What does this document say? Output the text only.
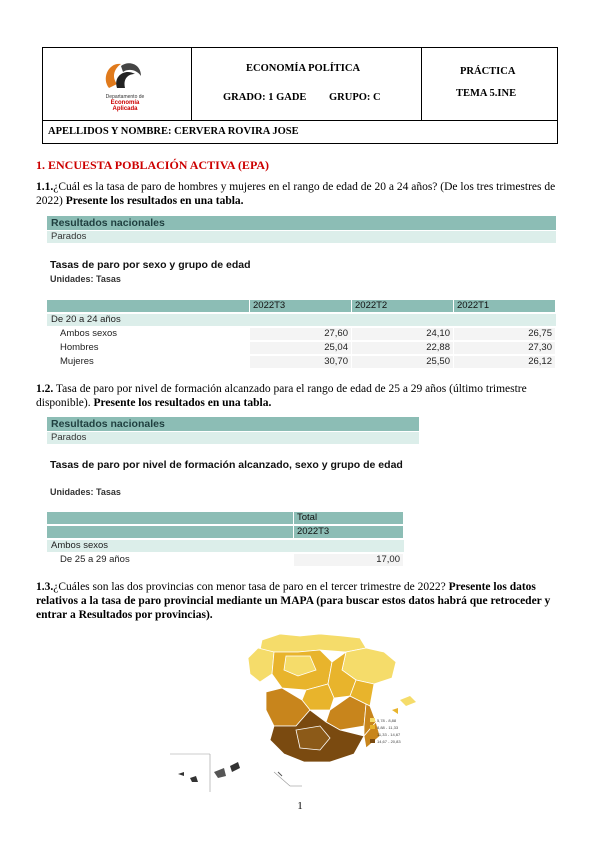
Departamento de
Economía
Aplicada
ECONOMÍA POLÍTICA
GRADO: 1 GADE GRUPO: C
PRÁCTICA
TEMA 5.INE
APELLIDOS Y NOMBRE: CERVERA ROVIRA JOSE
1. ENCUESTA POBLACIÓN ACTIVA (EPA)
1.1.¿Cuál es la tasa de paro de hombres y mujeres en el rango de edad de 20 a 24 años? (De los tres trimestres de 2022) Presente los resultados en una tabla.
Resultados nacionales
Parados
Tasas de paro por sexo y grupo de edad
Unidades: Tasas
2022T3	2022T2	2022T1
De 20 a 24 años
Ambos sexos	27,60	24,10	26,75
Hombres	25,04	22,88	27,30
Mujeres	30,70	25,50	26,12
1.2. Tasa de paro por nivel de formación alcanzado para el rango de edad de 25 a 29 años (último trimestre disponible). Presente los resultados en una tabla.
Resultados nacionales
Parados
Tasas de paro por nivel de formación alcanzado, sexo y grupo de edad
Unidades: Tasas
Total
2022T3
Ambos sexos
De 25 a 29 años	17,00
1.3.¿Cuáles son las dos provincias con menor tasa de paro en el tercer trimestre de 2022? Presente los datos relativos a la tasa de paro provincial mediante un MAPA (para buscar estos datos habrá que retroceder y entrar a Resultados por provincias).
5,78 - 8,88
8,88 - 11,33
11,33 - 14,67
14,67 - 20,83
1
